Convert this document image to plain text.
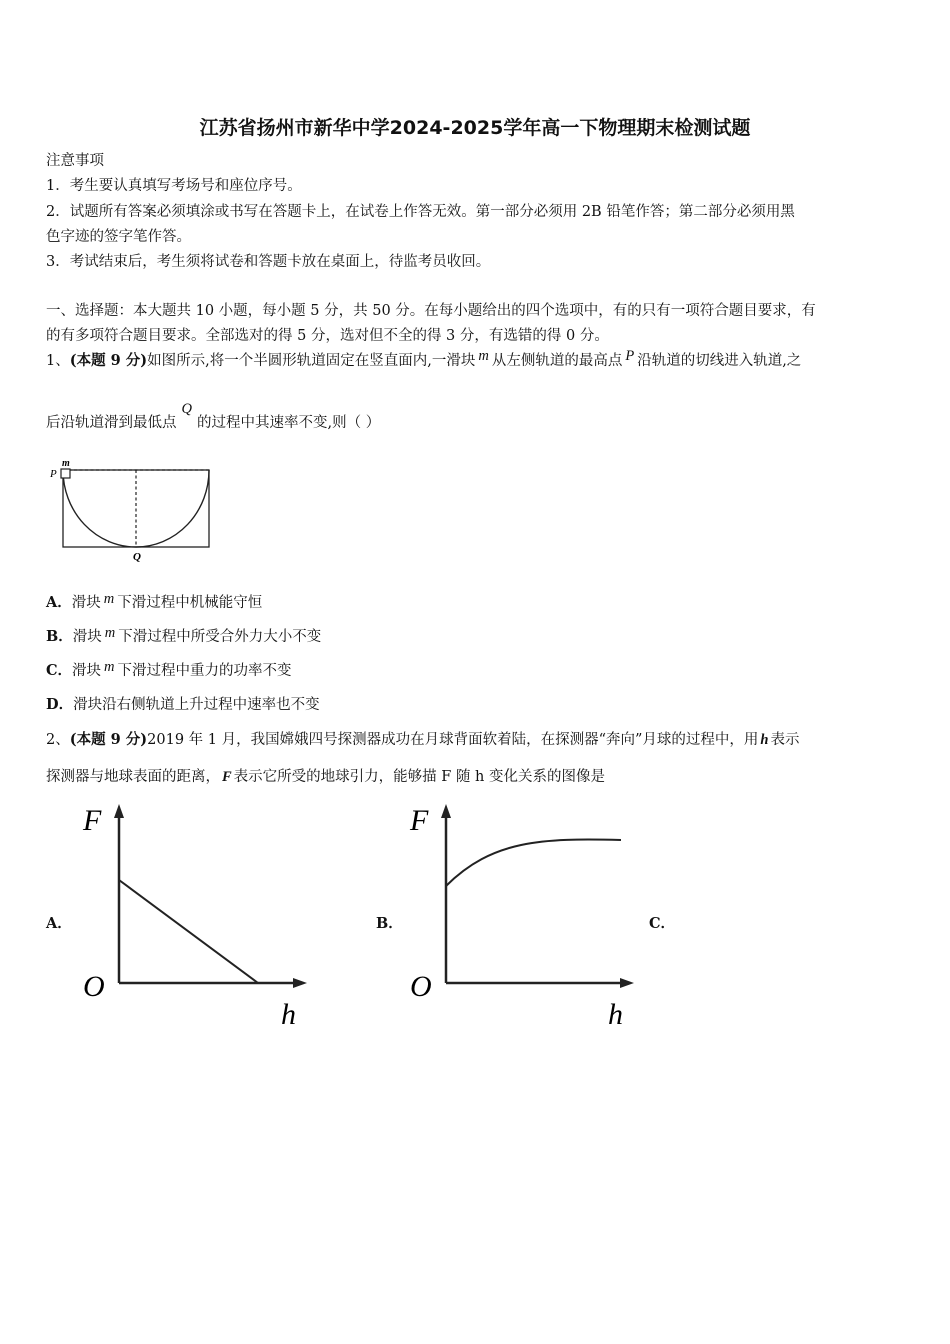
江苏省扬州市新华中学2024-2025学年高一下物理期末检测试题
注意事项
1．考生要认真填写考场号和座位序号。
2．试题所有答案必须填涂或书写在答题卡上，在试卷上作答无效。第一部分必须用 2B 铅笔作答；第二部分必须用黑
色字迹的签字笔作答。
3．考试结束后，考生须将试卷和答题卡放在桌面上，待监考员收回。
一、选择题：本大题共 10 小题，每小题 5 分，共 50 分。在每小题给出的四个选项中，有的只有一项符合题目要求，有
的有多项符合题目要求。全部选对的得 5 分，选对但不全的得 3 分，有选错的得 0 分。
1、(本题 9 分)如图所示,将一个半圆形轨道固定在竖直面内,一滑块 m 从左侧轨道的最高点 P 沿轨道的切线进入轨道,之
后沿轨道滑到最低点Q的过程中其速率不变,则（ ）
P
m
Q
A．滑块 m 下滑过程中机械能守恒
B．滑块 m 下滑过程中所受合外力大小不变
C．滑块 m 下滑过程中重力的功率不变
D．滑块沿右侧轨道上升过程中速率也不变
2、(本题 9 分)2019 年 1 月，我国嫦娥四号探测器成功在月球背面软着陆，在探测器“奔向”月球的过程中，用 h 表示
探测器与地球表面的距离， F 表示它所受的地球引力，能够描 F 随 h 变化关系的图像是
A．
F
O
h
B．
F
O
h
C．
